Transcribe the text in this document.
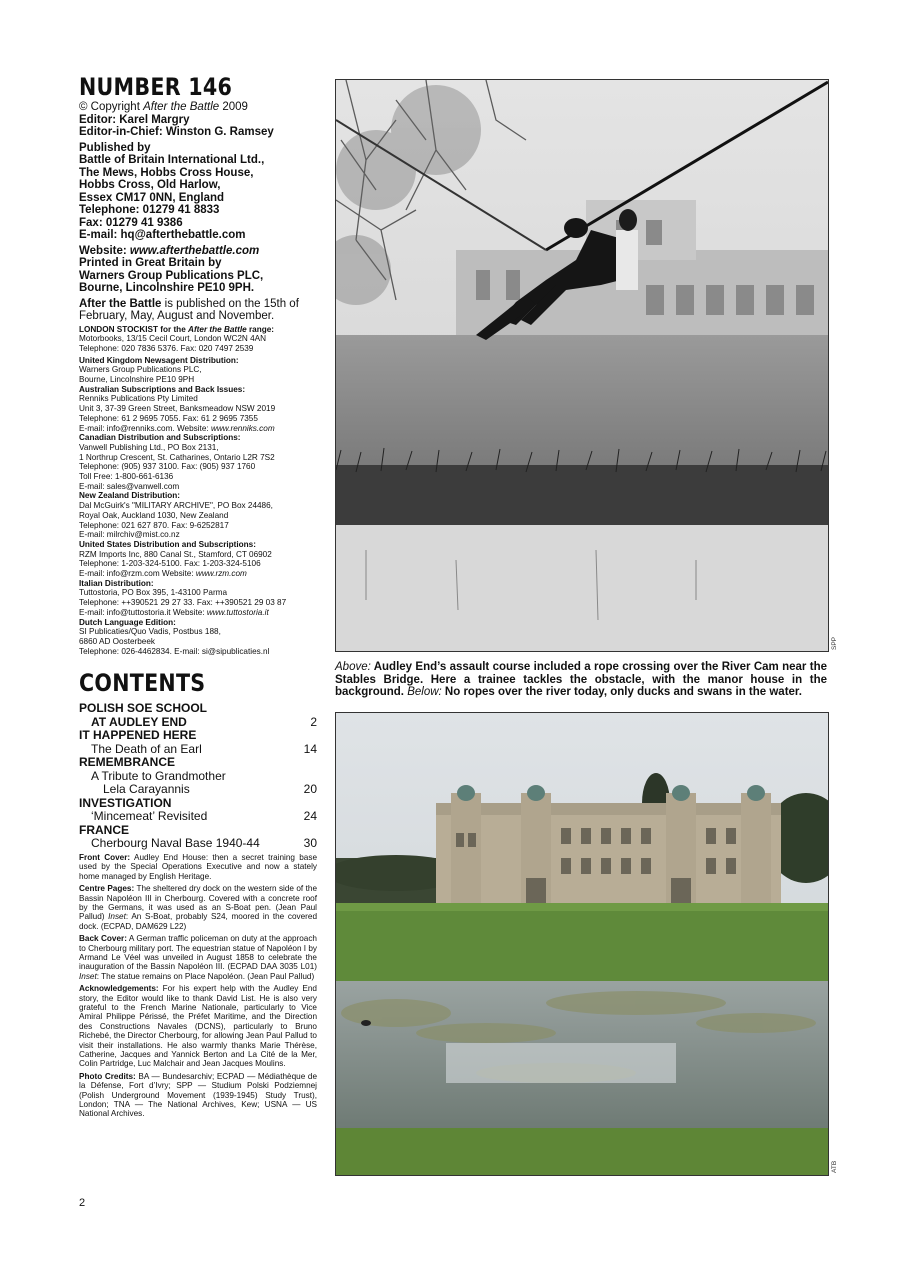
NUMBER 146
© Copyright After the Battle 2009
Editor: Karel Margry
Editor-in-Chief: Winston G. Ramsey
Published by
Battle of Britain International Ltd.,
The Mews, Hobbs Cross House,
Hobbs Cross, Old Harlow,
Essex CM17 0NN, England
Telephone: 01279 41 8833
Fax: 01279 41 9386
E-mail: hq@afterthebattle.com
Website: www.afterthebattle.com
Printed in Great Britain by
Warners Group Publications PLC,
Bourne, Lincolnshire PE10 9PH.
After the Battle is published on the 15th of February, May, August and November.
LONDON STOCKIST for the After the Battle range:
Motorbooks, 13/15 Cecil Court, London WC2N 4AN
Telephone: 020 7836 5376. Fax: 020 7497 2539
United Kingdom Newsagent Distribution:
Warners Group Publications PLC,
Bourne, Lincolnshire PE10 9PH
Australian Subscriptions and Back Issues:
Renniks Publications Pty Limited
Unit 3, 37-39 Green Street, Banksmeadow NSW 2019
Telephone: 61 2 9695 7055. Fax: 61 2 9695 7355
E-mail: info@renniks.com. Website: www.renniks.com
Canadian Distribution and Subscriptions:
Vanwell Publishing Ltd., PO Box 2131,
1 Northrup Crescent, St. Catharines, Ontario L2R 7S2
Telephone: (905) 937 3100. Fax: (905) 937 1760
Toll Free: 1-800-661-6136
E-mail: sales@vanwell.com
New Zealand Distribution:
Dal McGuirk's "MILITARY ARCHIVE", PO Box 24486,
Royal Oak, Auckland 1030, New Zealand
Telephone: 021 627 870. Fax: 9-6252817
E-mail: milrchiv@mist.co.nz
United States Distribution and Subscriptions:
RZM Imports Inc, 880 Canal St., Stamford, CT 06902
Telephone: 1-203-324-5100. Fax: 1-203-324-5106
E-mail: info@rzm.com Website: www.rzm.com
Italian Distribution:
Tuttostoria, PO Box 395, 1-43100 Parma
Telephone: ++390521 29 27 33. Fax: ++390521 29 03 87
E-mail: info@tuttostoria.it Website: www.tuttostoria.it
Dutch Language Edition:
SI Publicaties/Quo Vadis, Postbus 188,
6860 AD Oosterbeek
Telephone: 026-4462834. E-mail: si@sipublicaties.nl
CONTENTS
POLISH SOE SCHOOL
AT AUDLEY END	2
IT HAPPENED HERE
The Death of an Earl	14
REMEMBRANCE
A Tribute to Grandmother
Lela Carayannis	20
INVESTIGATION
‘Mincemeat’ Revisited	24
FRANCE
Cherbourg Naval Base 1940-44	30

Front Cover: Audley End House: then a secret training base used by the Special Operations Executive and now a stately home managed by English Heritage.

Centre Pages: The sheltered dry dock on the western side of the Bassin Napoléon III in Cherbourg. Covered with a concrete roof by the Germans, it was used as an S-Boat pen. (Jean Paul Pallud) Inset: An S-Boat, probably S24, moored in the covered dock. (ECPAD, DAM629 L22)

Back Cover: A German traffic policeman on duty at the approach to Cherbourg military port. The equestrian statue of Napoléon I by Armand Le Véel was unveiled in August 1858 to celebrate the inauguration of the Bassin Napoléon III. (ECPAD DAA 3035 L01) Inset: The statue remains on Place Napoléon. (Jean Paul Pallud)

Acknowledgements: For his expert help with the Audley End story, the Editor would like to thank David List. He is also very grateful to the French Marine Nationale, particularly to Vice Amiral Philippe Périssé, the Préfet Maritime, and the Direction des Constructions Navales (DCNS), particularly to Bruno Richebé, the Director Cherbourg, for allowing Jean Paul Pallud to visit their installations. He also warmly thanks Marie Thérèse, Catherine, Jacques and Yannick Berton and La Cité de la Mer, Colin Partridge, Luc Malchair and Jean Jacques Moulins.

Photo Credits: BA — Bundesarchiv; ECPAD — Médiathèque de la Défense, Fort d’Ivry; SPP — Studium Polski Podziemnej (Polish Underground Movement (1939-1945) Study Trust), London; TNA — The National Archives, Kew; USNA — US National Archives.

SPP
Above: Audley End’s assault course included a rope crossing over the River Cam near the Stables Bridge. Here a trainee tackles the obstacle, with the manor house in the background. Below: No ropes over the river today, only ducks and swans in the water.
ATB
2
